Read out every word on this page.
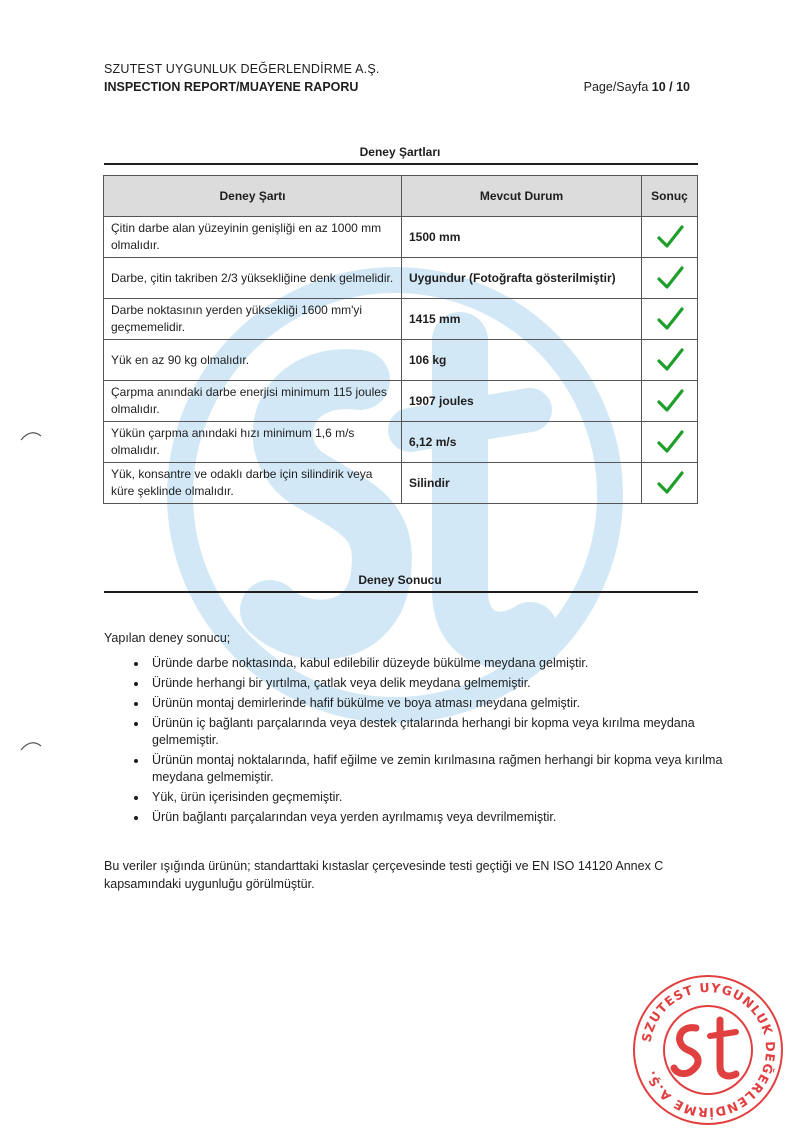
SZUTEST UYGUNLUK DEĞERLENDİRME A.Ş.
INSPECTION REPORT/MUAYENE RAPORU	Page/Sayfa 10 / 10
Deney Şartları
Deney Şartı	Mevcut Durum	Sonuç
Çitin darbe alan yüzeyinin genişliği en az 1000 mm olmalıdır.	1500 mm	
Darbe, çitin takriben 2/3 yüksekliğine denk gelmelidir.	Uygundur (Fotoğrafta gösterilmiştir)	
Darbe noktasının yerden yüksekliği 1600 mm'yi geçmemelidir.	1415 mm	
Yük en az 90 kg olmalıdır.	106 kg	
Çarpma anındaki darbe enerjisi minimum 115 joules olmalıdır.	1907 joules	
Yükün çarpma anındaki hızı minimum 1,6 m/s olmalıdır.	6,12 m/s	
Yük, konsantre ve odaklı darbe için silindirik veya küre şeklinde olmalıdır.	Silindir	
Deney Sonucu
Yapılan deney sonucu;
• Üründe darbe noktasında, kabul edilebilir düzeyde bükülme meydana gelmiştir.
• Üründe herhangi bir yırtılma, çatlak veya delik meydana gelmemiştir.
• Ürünün montaj demirlerinde hafif bükülme ve boya atması meydana gelmiştir.
• Ürünün iç bağlantı parçalarında veya destek çıtalarında herhangi bir kopma veya kırılma meydana gelmemiştir.
• Ürünün montaj noktalarında, hafif eğilme ve zemin kırılmasına rağmen herhangi bir kopma veya kırılma meydana gelmemiştir.
• Yük, ürün içerisinden geçmemiştir.
• Ürün bağlantı parçalarından veya yerden ayrılmamış veya devrilmemiştir.
Bu veriler ışığında ürünün; standarttaki kıstaslar çerçevesinde testi geçtiği ve EN ISO 14120 Annex C kapsamındaki uygunluğu görülmüştür.
SZUTEST UYGUNLUK DEĞERLENDİRME A.Ş.
